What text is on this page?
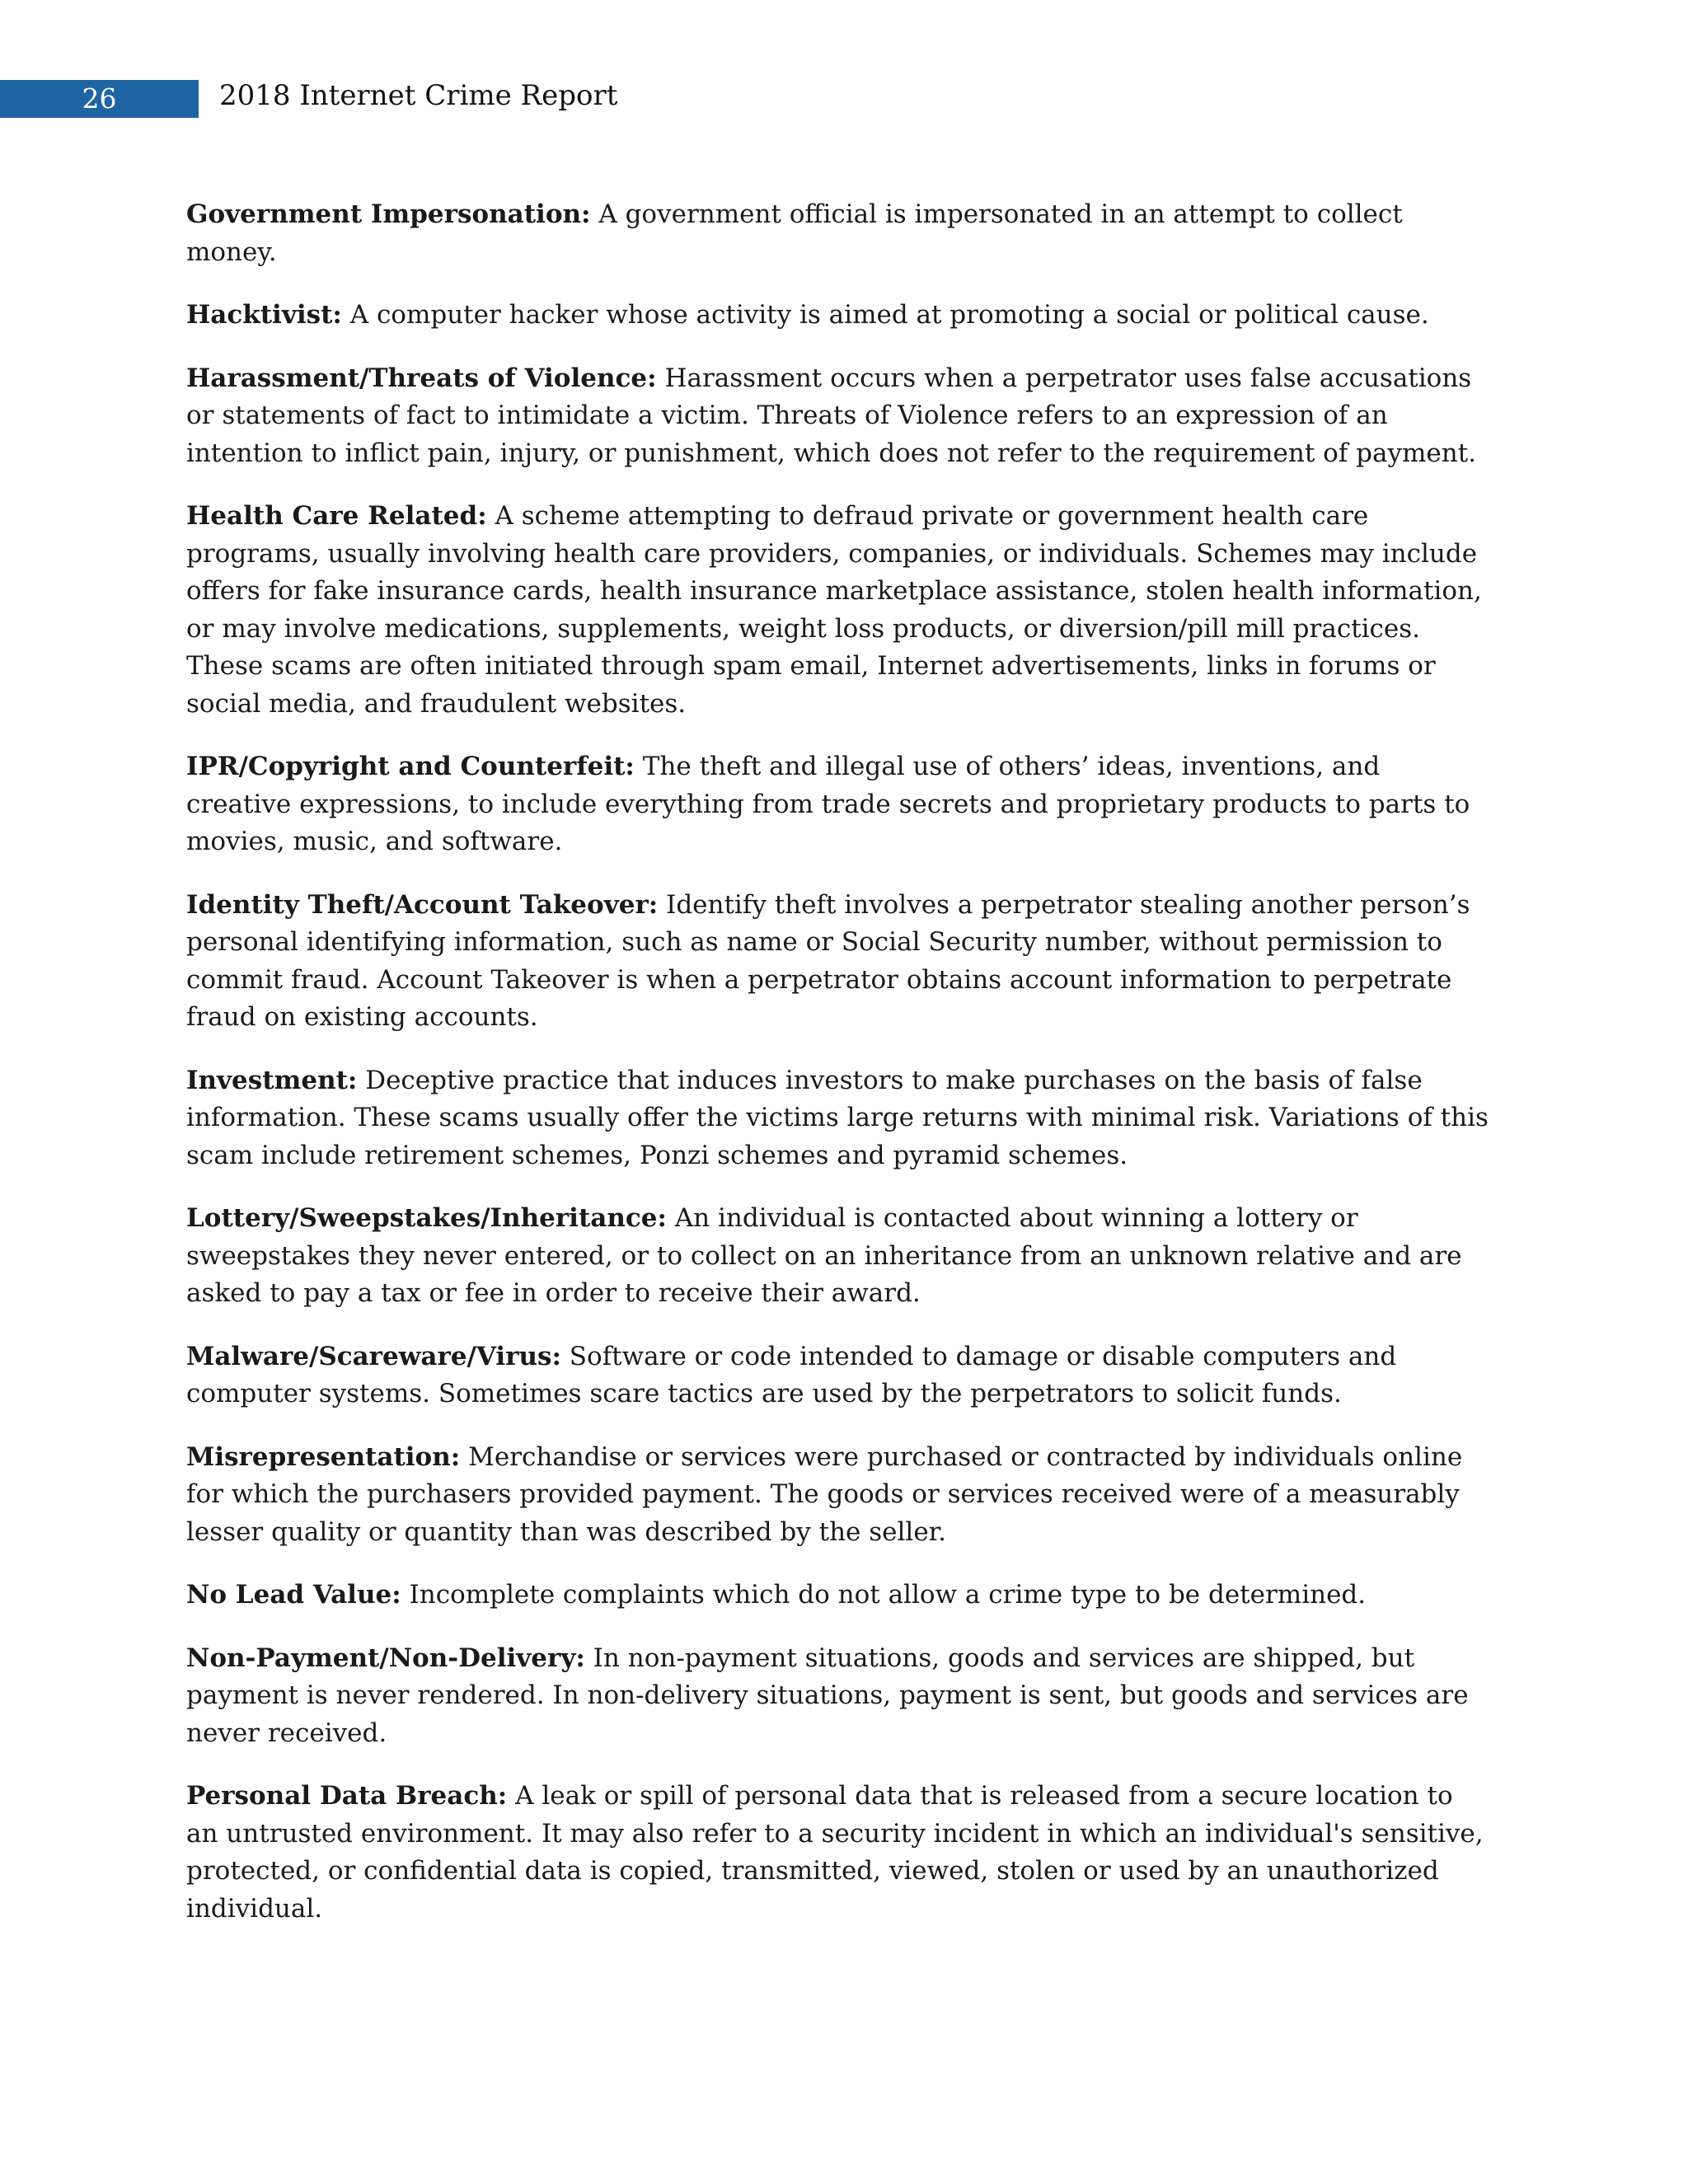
26	2018 Internet Crime Report

Government Impersonation: A government official is impersonated in an attempt to collect money.

Hacktivist: A computer hacker whose activity is aimed at promoting a social or political cause.

Harassment/Threats of Violence: Harassment occurs when a perpetrator uses false accusations or statements of fact to intimidate a victim. Threats of Violence refers to an expression of an intention to inflict pain, injury, or punishment, which does not refer to the requirement of payment.

Health Care Related: A scheme attempting to defraud private or government health care programs, usually involving health care providers, companies, or individuals. Schemes may include offers for fake insurance cards, health insurance marketplace assistance, stolen health information, or may involve medications, supplements, weight loss products, or diversion/pill mill practices. These scams are often initiated through spam email, Internet advertisements, links in forums or social media, and fraudulent websites.

IPR/Copyright and Counterfeit: The theft and illegal use of others’ ideas, inventions, and creative expressions, to include everything from trade secrets and proprietary products to parts to movies, music, and software.

Identity Theft/Account Takeover: Identify theft involves a perpetrator stealing another person’s personal identifying information, such as name or Social Security number, without permission to commit fraud. Account Takeover is when a perpetrator obtains account information to perpetrate fraud on existing accounts.

Investment: Deceptive practice that induces investors to make purchases on the basis of false information. These scams usually offer the victims large returns with minimal risk. Variations of this scam include retirement schemes, Ponzi schemes and pyramid schemes.

Lottery/Sweepstakes/Inheritance: An individual is contacted about winning a lottery or sweepstakes they never entered, or to collect on an inheritance from an unknown relative and are asked to pay a tax or fee in order to receive their award.

Malware/Scareware/Virus: Software or code intended to damage or disable computers and computer systems. Sometimes scare tactics are used by the perpetrators to solicit funds.

Misrepresentation: Merchandise or services were purchased or contracted by individuals online for which the purchasers provided payment. The goods or services received were of a measurably lesser quality or quantity than was described by the seller.

No Lead Value: Incomplete complaints which do not allow a crime type to be determined.

Non-Payment/Non-Delivery: In non-payment situations, goods and services are shipped, but payment is never rendered. In non-delivery situations, payment is sent, but goods and services are never received.

Personal Data Breach: A leak or spill of personal data that is released from a secure location to an untrusted environment. It may also refer to a security incident in which an individual's sensitive, protected, or confidential data is copied, transmitted, viewed, stolen or used by an unauthorized individual.
